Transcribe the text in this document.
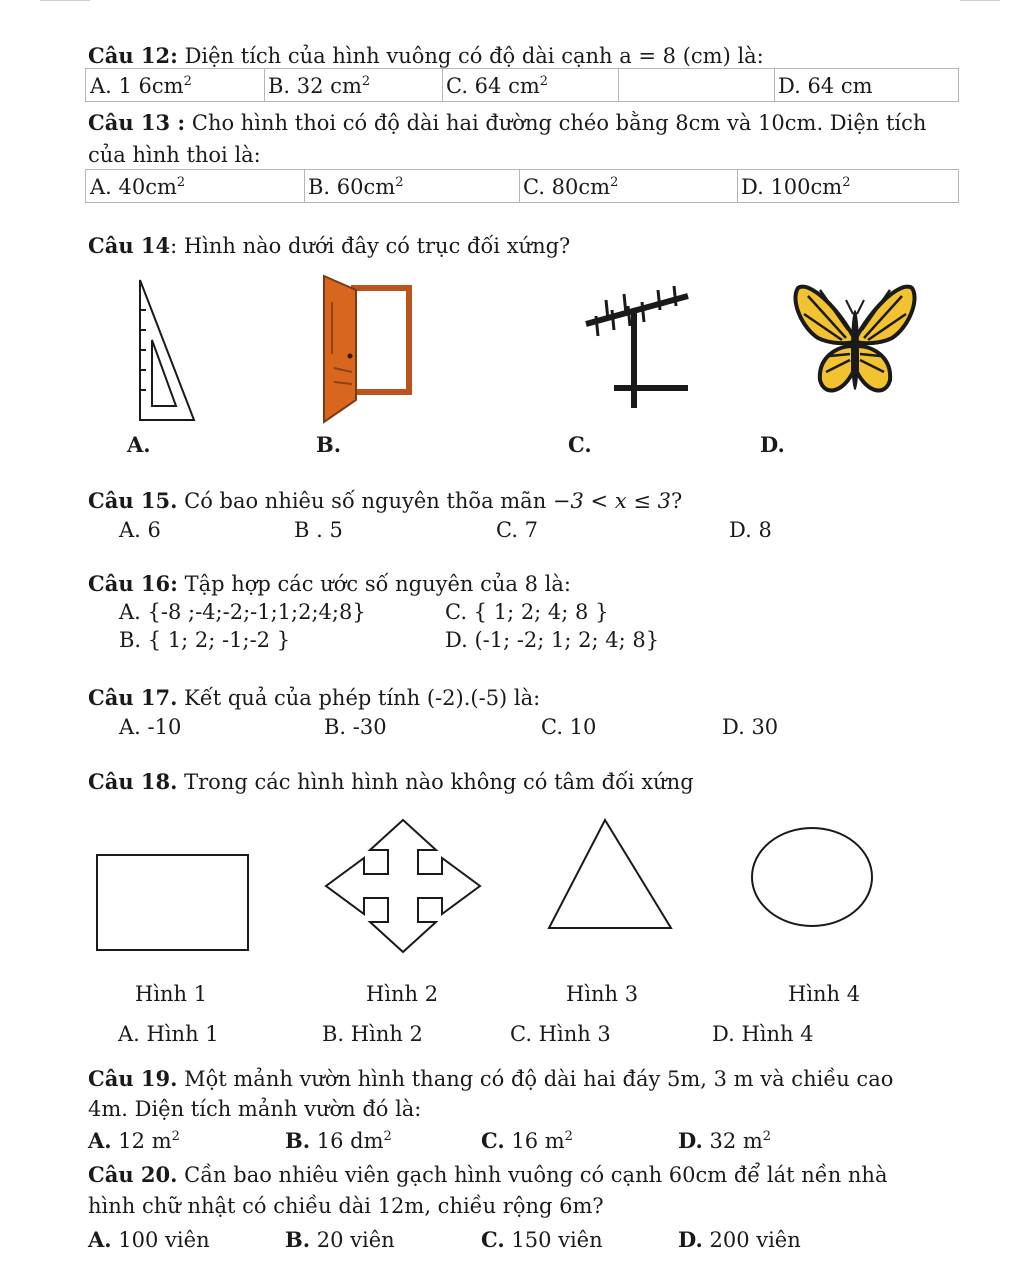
Câu 12: Diện tích của hình vuông có độ dài cạnh a = 8 (cm) là:
A. 1 $6cm^2$	B. 32 $cm^2$	C. 64 $cm^2$	D. 64 cm
Câu 13 : Cho hình thoi có độ dài hai đường chéo bằng 8cm và 10cm. Diện tích
của hình thoi là:
A. $40cm^2$	B. $60cm^2$	C. $80cm^2$	D. $100cm^2$
Câu 14: Hình nào dưới đây có trục đối xứng?
A.	B.	C.	D.
Câu 15. Có bao nhiêu số nguyên thõa mãn −3 < x ≤ 3?
A. 6	B . 5	C. 7	D. 8
Câu 16: Tập hợp các ước số nguyên của 8 là:
A. {-8 ;-4;-2;-1;1;2;4;8}	C. { 1; 2; 4; 8 }
B. { 1; 2; -1;-2 }	D. (-1; -2; 1; 2; 4; 8}
Câu 17. Kết quả của phép tính (-2).(-5) là:
A. -10	B. -30	C. 10	D. 30
Câu 18. Trong các hình hình nào không có tâm đối xứng
Hình 1	Hình 2	Hình 3	Hình 4
A. Hình 1	B. Hình 2	C. Hình 3	D. Hình 4
Câu 19. Một mảnh vườn hình thang có độ dài hai đáy 5m, 3 m và chiều cao
4m. Diện tích mảnh vườn đó là:
A. 12 $m^2$	B. 16 $dm^2$	C. 16 $m^2$	D. 32 $m^2$
Câu 20. Cần bao nhiêu viên gạch hình vuông có cạnh 60cm để lát nền nhà
hình chữ nhật có chiều dài 12m, chiều rộng 6m?
A. 100 viên	B. 20 viên	C. 150 viên	D. 200 viên
